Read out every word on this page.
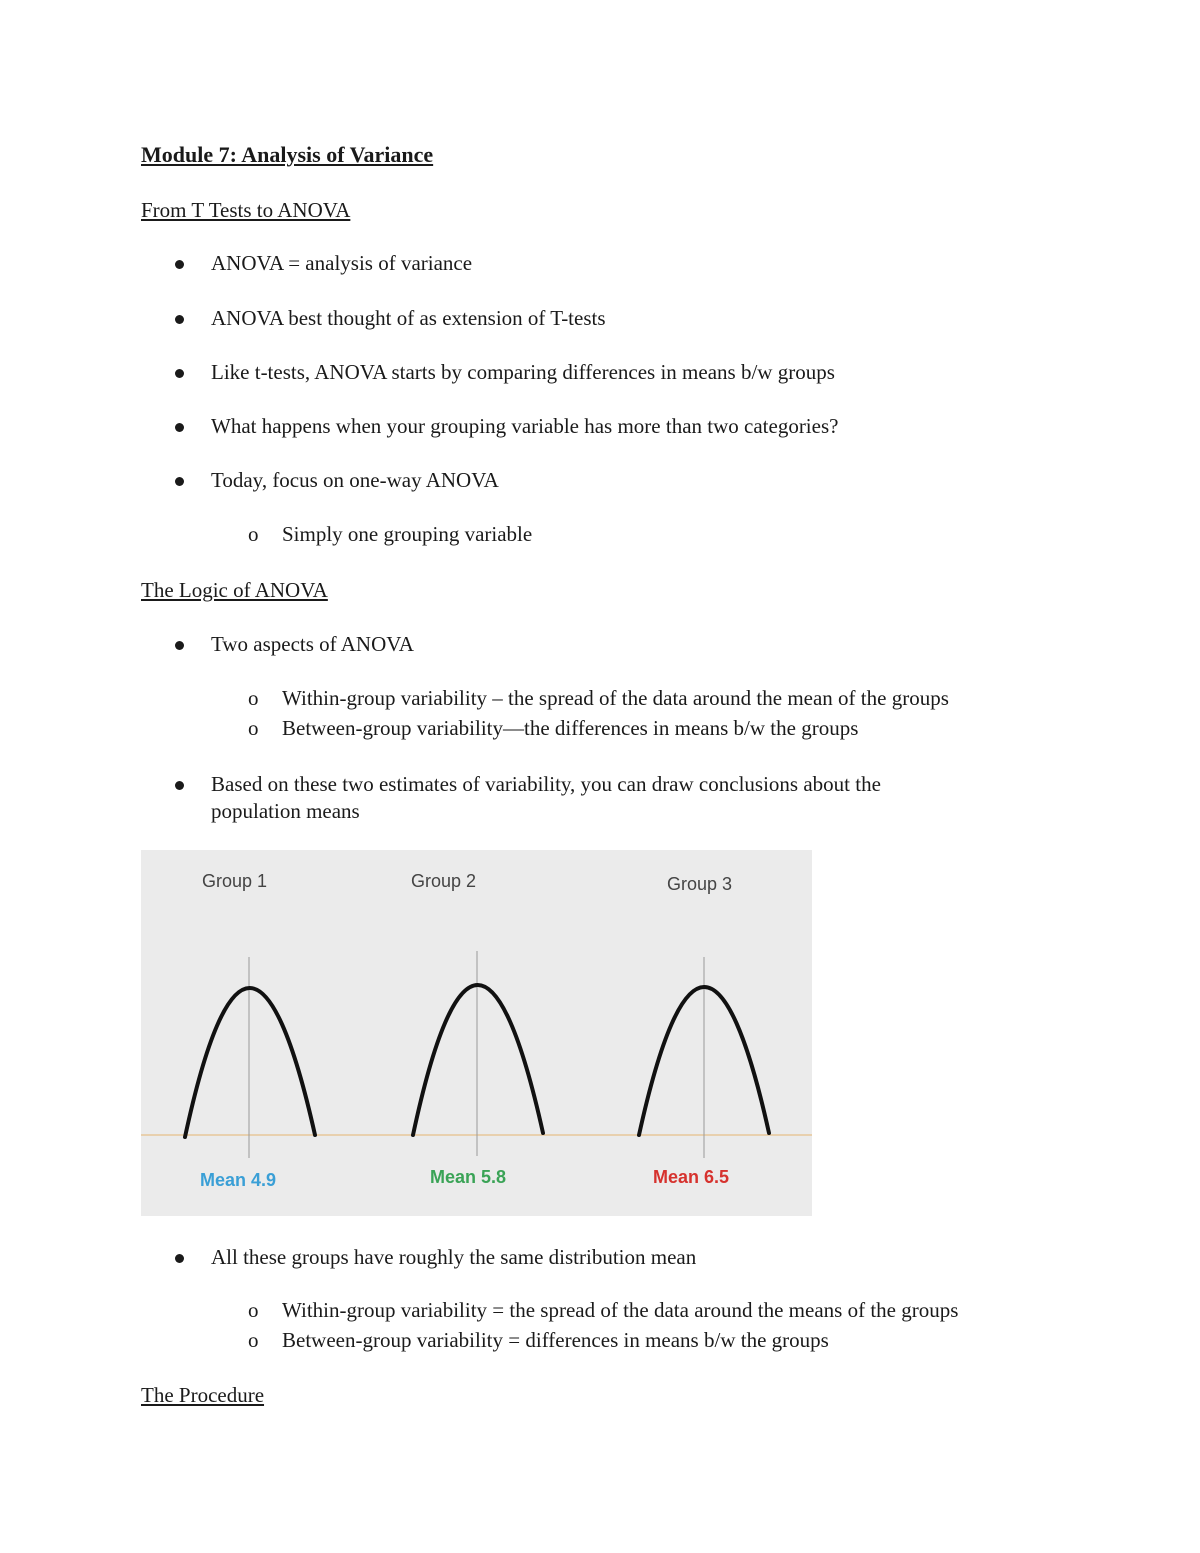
Module 7: Analysis of Variance
From T Tests to ANOVA
ANOVA = analysis of variance
ANOVA best thought of as extension of T-tests
Like t-tests, ANOVA starts by comparing differences in means b/w groups
What happens when your grouping variable has more than two categories?
Today, focus on one-way ANOVA
o Simply one grouping variable
The Logic of ANOVA
Two aspects of ANOVA
o Within-group variability – the spread of the data around the mean of the groups
o Between-group variability—the differences in means b/w the groups
Based on these two estimates of variability, you can draw conclusions about the
population means
Group 1	Group 2	Group 3
Mean 4.9	Mean 5.8	Mean 6.5
All these groups have roughly the same distribution mean
o Within-group variability = the spread of the data around the means of the groups
o Between-group variability = differences in means b/w the groups
The Procedure
